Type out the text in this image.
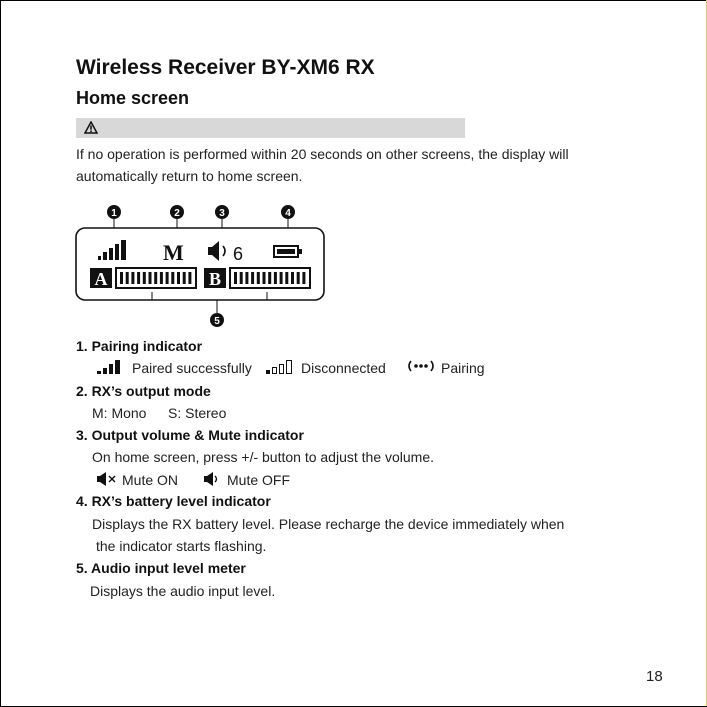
Wireless Receiver BY-XM6 RX
Home screen
If no operation is performed within 20 seconds on other screens, the display will
automatically return to home screen.
1	2	3	4
M	6
A	B
5
1. Pairing indicator
Paired successfully	Disconnected	Pairing
2. RX’s output mode
M: Mono S: Stereo
3. Output volume & Mute indicator
On home screen, press +/- button to adjust the volume.
Mute ON	Mute OFF
4. RX’s battery level indicator
Displays the RX battery level. Please recharge the device immediately when
the indicator starts flashing.
5. Audio input level meter
Displays the audio input level.
18
